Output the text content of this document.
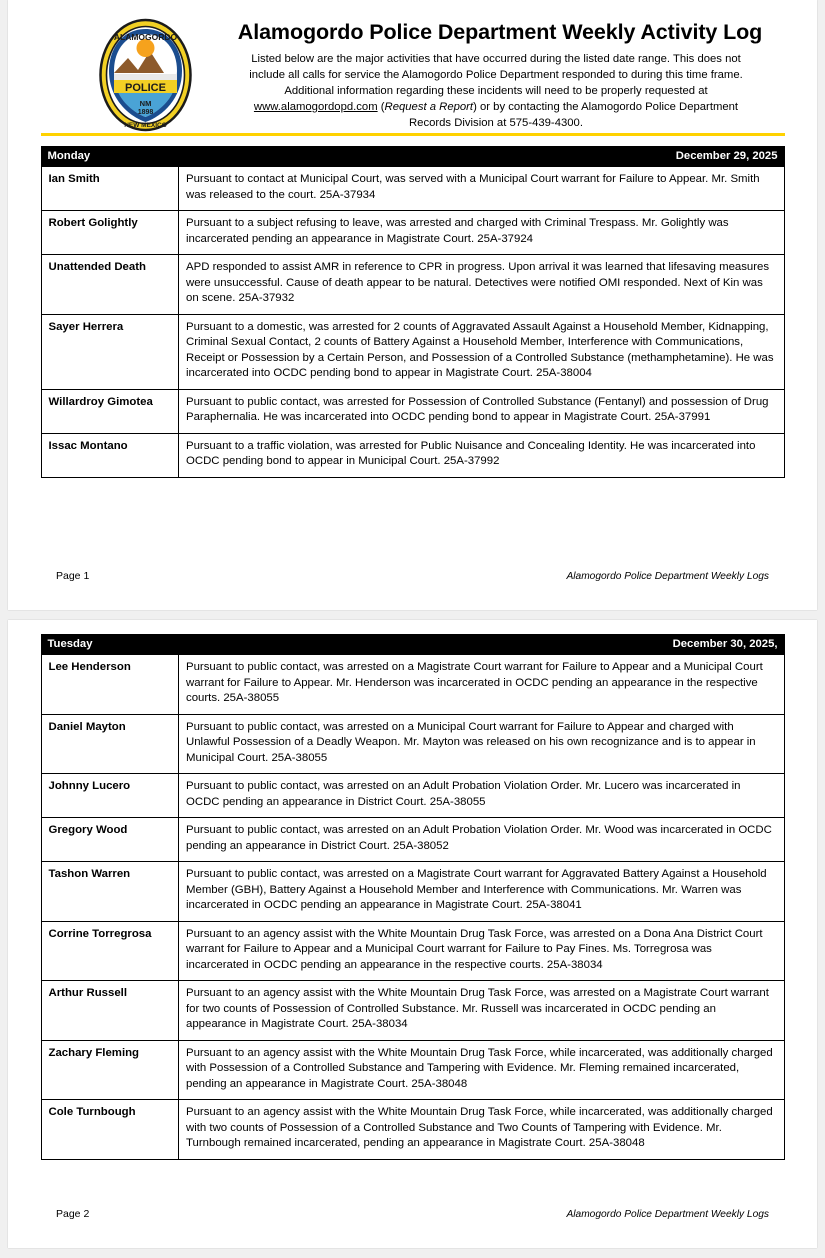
ALAMOGORDO
POLICE
NM
1898
NEW MEXICO
Alamogordo Police Department Weekly Activity Log
Listed below are the major activities that have occurred during the listed date range. This does not
include all calls for service the Alamogordo Police Department responded to during this time frame.
Additional information regarding these incidents will need to be properly requested at
www.alamogordopd.com (Request a Report) or by contacting the Alamogordo Police Department
Records Division at 575-439-4300.
Monday	December 29, 2025
Ian Smith	Pursuant to contact at Municipal Court, was served with a Municipal Court warrant for Failure to Appear. Mr. Smith was released to the court. 25A-37934
Robert Golightly	Pursuant to a subject refusing to leave, was arrested and charged with Criminal Trespass. Mr. Golightly was incarcerated pending an appearance in Magistrate Court. 25A-37924
Unattended Death	APD responded to assist AMR in reference to CPR in progress. Upon arrival it was learned that lifesaving measures were unsuccessful. Cause of death appear to be natural. Detectives were notified OMI responded. Next of Kin was on scene. 25A-37932
Sayer Herrera	Pursuant to a domestic, was arrested for 2 counts of Aggravated Assault Against a Household Member, Kidnapping, Criminal Sexual Contact, 2 counts of Battery Against a Household Member, Interference with Communications, Receipt or Possession by a Certain Person, and Possession of a Controlled Substance (methamphetamine). He was incarcerated into OCDC pending bond to appear in Magistrate Court. 25A-38004
Willardroy Gimotea	Pursuant to public contact, was arrested for Possession of Controlled Substance (Fentanyl) and possession of Drug Paraphernalia. He was incarcerated into OCDC pending bond to appear in Magistrate Court. 25A-37991
Issac Montano	Pursuant to a traffic violation, was arrested for Public Nuisance and Concealing Identity. He was incarcerated into OCDC pending bond to appear in Municipal Court. 25A-37992
Page 1	Alamogordo Police Department Weekly Logs
Tuesday	December 30, 2025,
Lee Henderson	Pursuant to public contact, was arrested on a Magistrate Court warrant for Failure to Appear and a Municipal Court warrant for Failure to Appear. Mr. Henderson was incarcerated in OCDC pending an appearance in the respective courts. 25A-38055
Daniel Mayton	Pursuant to public contact, was arrested on a Municipal Court warrant for Failure to Appear and charged with Unlawful Possession of a Deadly Weapon. Mr. Mayton was released on his own recognizance and is to appear in Municipal Court. 25A-38055
Johnny Lucero	Pursuant to public contact, was arrested on an Adult Probation Violation Order. Mr. Lucero was incarcerated in OCDC pending an appearance in District Court. 25A-38055
Gregory Wood	Pursuant to public contact, was arrested on an Adult Probation Violation Order. Mr. Wood was incarcerated in OCDC pending an appearance in District Court. 25A-38052
Tashon Warren	Pursuant to public contact, was arrested on a Magistrate Court warrant for Aggravated Battery Against a Household Member (GBH), Battery Against a Household Member and Interference with Communications. Mr. Warren was incarcerated in OCDC pending an appearance in Magistrate Court. 25A-38041
Corrine Torregrosa	Pursuant to an agency assist with the White Mountain Drug Task Force, was arrested on a Dona Ana District Court warrant for Failure to Appear and a Municipal Court warrant for Failure to Pay Fines. Ms. Torregrosa was incarcerated in OCDC pending an appearance in the respective courts. 25A-38034
Arthur Russell	Pursuant to an agency assist with the White Mountain Drug Task Force, was arrested on a Magistrate Court warrant for two counts of Possession of Controlled Substance. Mr. Russell was incarcerated in OCDC pending an appearance in Magistrate Court. 25A-38034
Zachary Fleming	Pursuant to an agency assist with the White Mountain Drug Task Force, while incarcerated, was additionally charged with Possession of a Controlled Substance and Tampering with Evidence. Mr. Fleming remained incarcerated, pending an appearance in Magistrate Court. 25A-38048
Cole Turnbough	Pursuant to an agency assist with the White Mountain Drug Task Force, while incarcerated, was additionally charged with two counts of Possession of a Controlled Substance and Two Counts of Tampering with Evidence. Mr. Turnbough remained incarcerated, pending an appearance in Magistrate Court. 25A-38048
Page 2	Alamogordo Police Department Weekly Logs
